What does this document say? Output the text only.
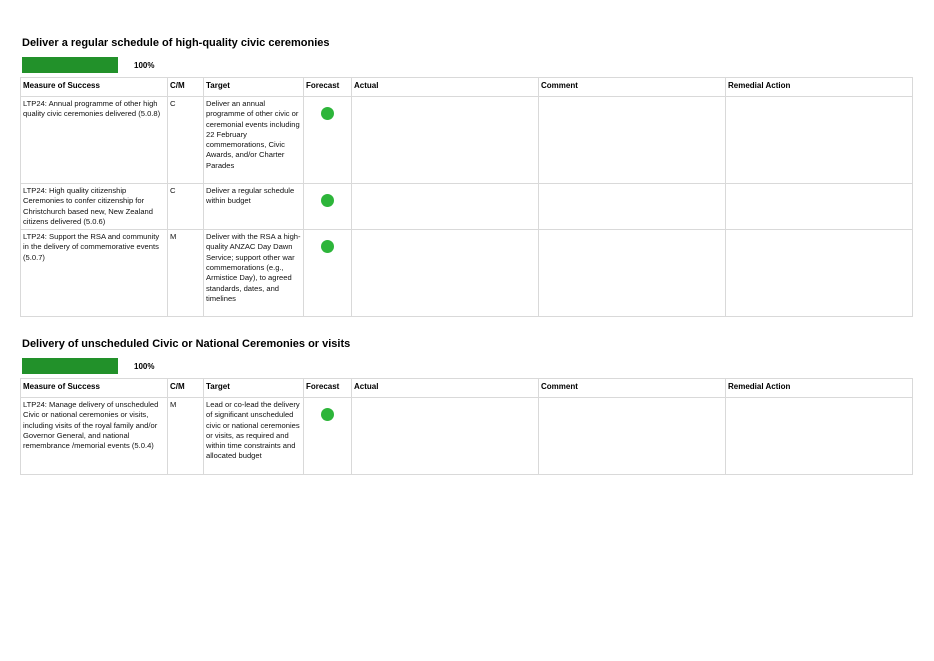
Deliver a regular schedule of high-quality civic ceremonies
100%
Measure of Success	C/M	Target	Forecast	Actual	Comment	Remedial Action
LTP24: Annual programme of other high quality civic ceremonies delivered (5.0.8)	C	Deliver an annual programme of other civic or ceremonial events including 22 February commemorations, Civic Awards, and/or Charter Parades	

LTP24: High quality citizenship Ceremonies to confer citizenship for Christchurch based new, New Zealand citizens delivered (5.0.6)	C	Deliver a regular schedule within budget	

LTP24: Support the RSA and community in the delivery of commemorative events (5.0.7)	M	Deliver with the RSA a high-quality ANZAC Day Dawn Service; support other war commemorations (e.g., Armistice Day), to agreed standards, dates, and timelines	

Delivery of unscheduled Civic or National Ceremonies or visits
100%
Measure of Success	C/M	Target	Forecast	Actual	Comment	Remedial Action
LTP24: Manage delivery of unscheduled Civic or national ceremonies or visits, including visits of the royal family and/or Governor General, and national remembrance /memorial events (5.0.4)	M	Lead or co-lead the delivery of significant unscheduled civic or national ceremonies or visits, as required and within time constraints and allocated budget	
